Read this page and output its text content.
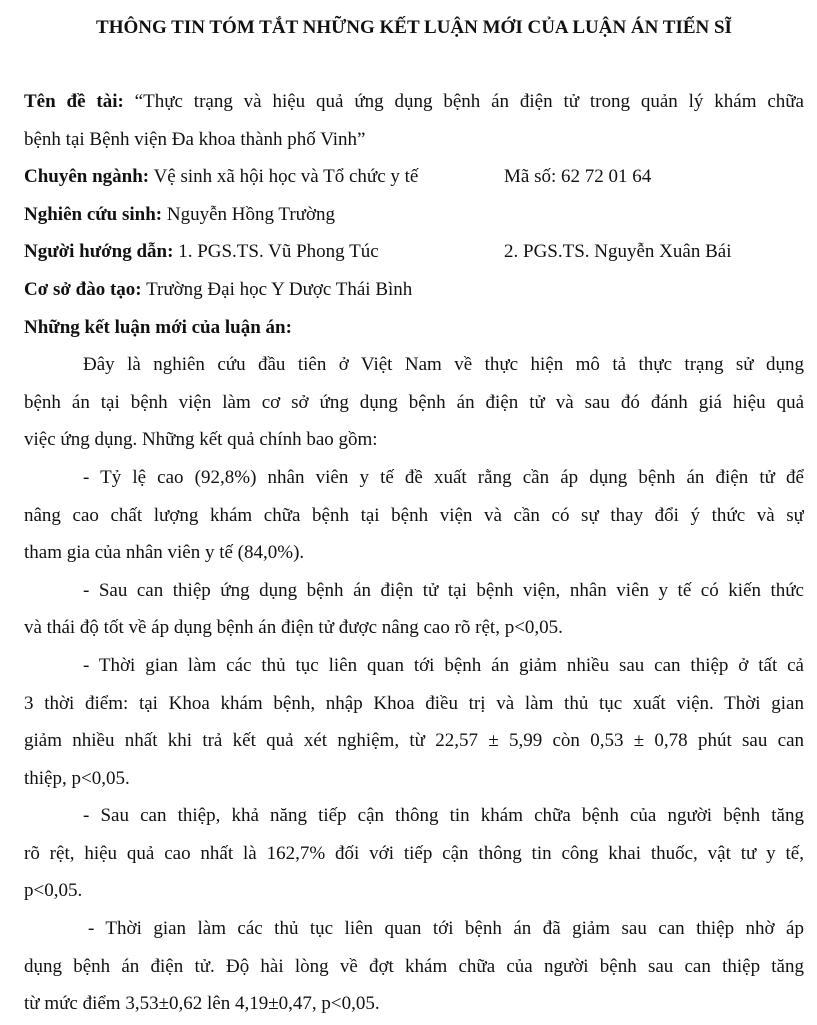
THÔNG TIN TÓM TẮT NHỮNG KẾT LUẬN MỚI CỦA LUẬN ÁN TIẾN SĨ
Tên đề tài: “Thực trạng và hiệu quả ứng dụng bệnh án điện tử trong quản lý khám chữa
bệnh tại Bệnh viện Đa khoa thành phố Vinh”
Chuyên ngành: Vệ sinh xã hội học và Tổ chức y tế	Mã số: 62 72 01 64
Nghiên cứu sinh: Nguyễn Hồng Trường
Người hướng dẫn: 1. PGS.TS. Vũ Phong Túc	2. PGS.TS. Nguyễn Xuân Bái
Cơ sở đào tạo: Trường Đại học Y Dược Thái Bình
Những kết luận mới của luận án:
Đây là nghiên cứu đầu tiên ở Việt Nam về thực hiện mô tả thực trạng sử dụng
bệnh án tại bệnh viện làm cơ sở ứng dụng bệnh án điện tử và sau đó đánh giá hiệu quả
việc ứng dụng. Những kết quả chính bao gồm:
- Tỷ lệ cao (92,8%) nhân viên y tế đề xuất rằng cần áp dụng bệnh án điện tử để
nâng cao chất lượng khám chữa bệnh tại bệnh viện và cần có sự thay đổi ý thức và sự
tham gia của nhân viên y tế (84,0%).
- Sau can thiệp ứng dụng bệnh án điện tử tại bệnh viện, nhân viên y tế có kiến thức
và thái độ tốt về áp dụng bệnh án điện tử được nâng cao rõ rệt, p<0,05.
- Thời gian làm các thủ tục liên quan tới bệnh án giảm nhiều sau can thiệp ở tất cả
3 thời điểm: tại Khoa khám bệnh, nhập Khoa điều trị và làm thủ tục xuất viện. Thời gian
giảm nhiều nhất khi trả kết quả xét nghiệm, từ 22,57 ± 5,99 còn 0,53 ± 0,78 phút sau can
thiệp, p<0,05.
- Sau can thiệp, khả năng tiếp cận thông tin khám chữa bệnh của người bệnh tăng
rõ rệt, hiệu quả cao nhất là 162,7% đối với tiếp cận thông tin công khai thuốc, vật tư y tế,
p<0,05.
- Thời gian làm các thủ tục liên quan tới bệnh án đã giảm sau can thiệp nhờ áp
dụng bệnh án điện tử. Độ hài lòng về đợt khám chữa của người bệnh sau can thiệp tăng
từ mức điểm 3,53±0,62 lên 4,19±0,47, p<0,05.
